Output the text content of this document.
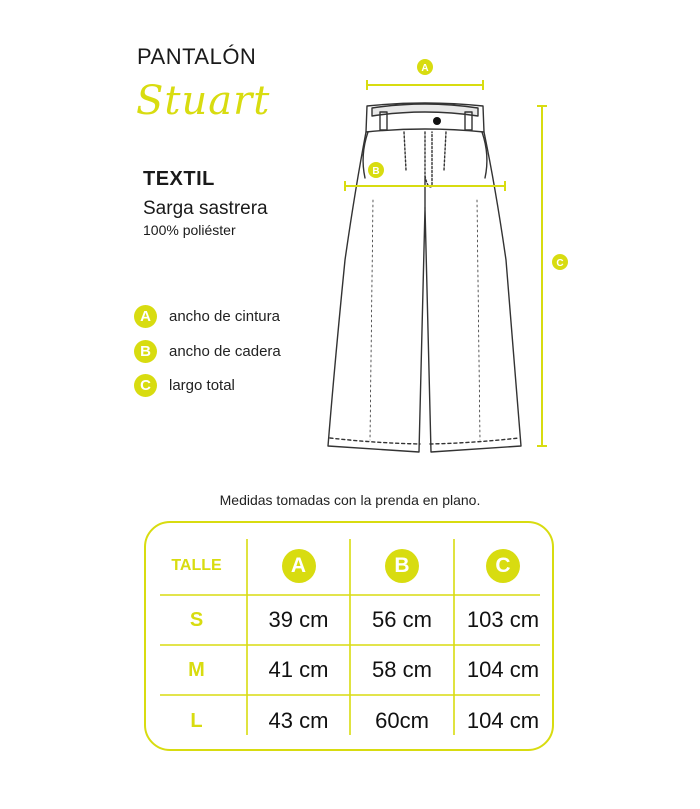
PANTALÓN
Stuart
TEXTIL
Sarga sastrera
100% poliéster
A	ancho de cintura
B	ancho de cadera
C	largo total
A
B
C
Medidas tomadas con la prenda en plano.
TALLE	A	B	C
S	39 cm	56 cm	103 cm
M	41 cm	58 cm	104 cm
L	43 cm	60cm	104 cm
